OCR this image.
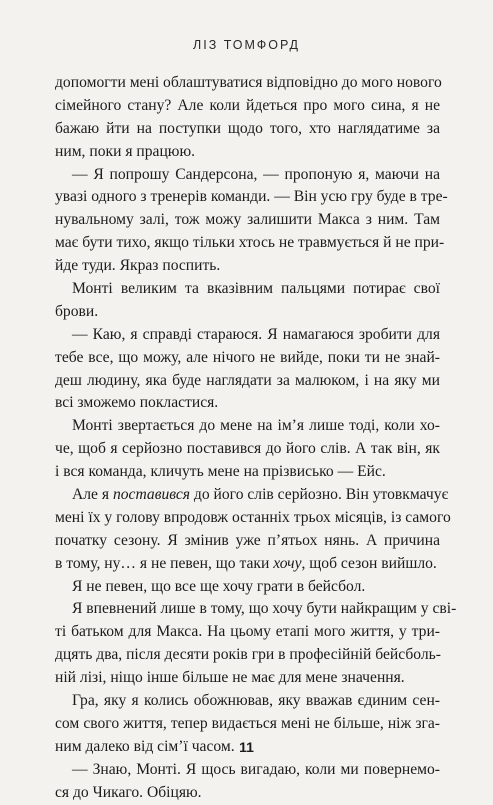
ЛІЗ ТОМФОРД
допомогти мені облаштуватися відповідно до мого нового
сімейного стану? Але коли йдеться про мого сина, я не
бажаю йти на поступки щодо того, хто наглядатиме за
ним, поки я працюю.
— Я попрошу Сандерсона, — пропоную я, маючи на
увазі одного з тренерів команди. — Він усю гру буде в тре-
нувальному залі, тож можу залишити Макса з ним. Там
має бути тихо, якщо тільки хтось не травмується й не при-
йде туди. Якраз поспить.
Монті великим та вказівним пальцями потирає свої
брови.
— Каю, я справді стараюся. Я намагаюся зробити для
тебе все, що можу, але нічого не вийде, поки ти не знай-
деш людину, яка буде наглядати за малюком, і на яку ми
всі зможемо покластися.
Монті звертається до мене на ім’я лише тоді, коли хо-
че, щоб я серйозно поставився до його слів. А так він, як
і вся команда, кличуть мене на прізвисько — Ейс.
Але я поставився до його слів серйозно. Він утовкмачує
мені їх у голову впродовж останніх трьох місяців, із самого
початку сезону. Я змінив уже п’ятьох нянь. А причина
в тому, ну… я не певен, що таки хочу, щоб сезон вийшло.
Я не певен, що все ще хочу грати в бейсбол.
Я впевнений лише в тому, що хочу бути найкращим у сві-
ті батьком для Макса. На цьому етапі мого життя, у три-
дцять два, після десяти років гри в професійній бейсболь-
ній лізі, ніщо інше більше не має для мене значення.
Гра, яку я колись обожнював, яку вважав єдиним сен-
сом свого життя, тепер видається мені не більше, ніж зга-
ним далеко від сім’ї часом.
— Знаю, Монті. Я щось вигадаю, коли ми повернемо-
ся до Чикаго. Обіцяю.
11
